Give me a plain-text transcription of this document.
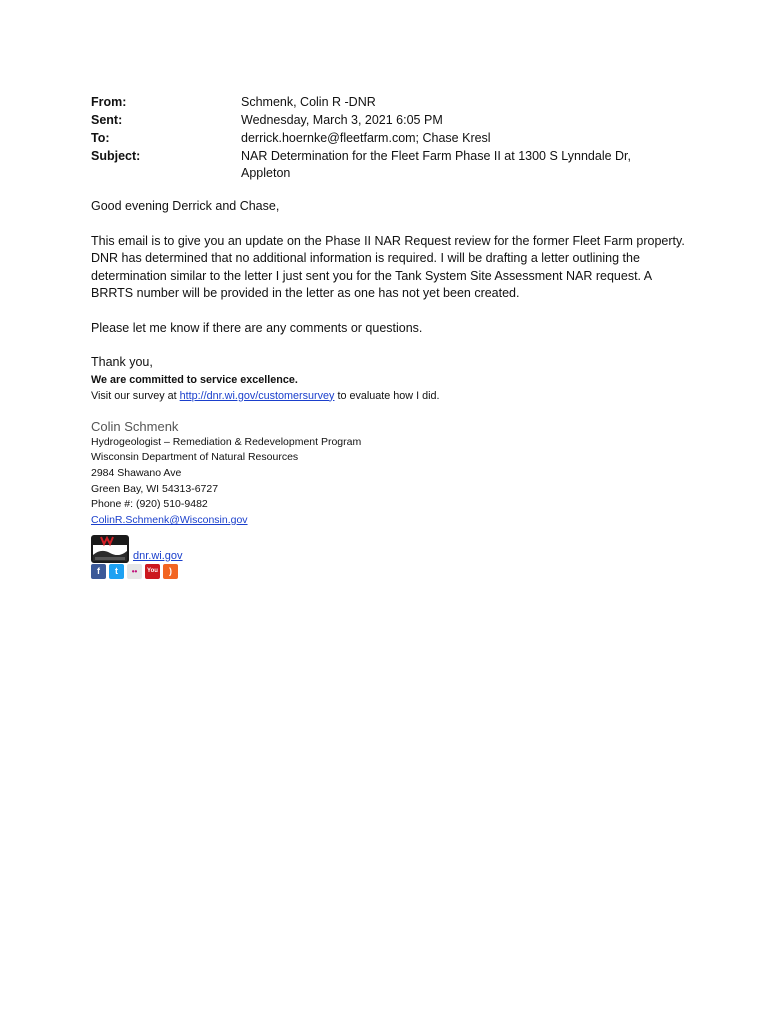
From:	Schmenk, Colin R -DNR
Sent:	Wednesday, March 3, 2021 6:05 PM
To:	derrick.hoernke@fleetfarm.com; Chase Kresl
Subject:	NAR Determination for the Fleet Farm Phase II at 1300 S Lynndale Dr, Appleton

Good evening Derrick and Chase,

This email is to give you an update on the Phase II NAR Request review for the former Fleet Farm property. DNR has determined that no additional information is required. I will be drafting a letter outlining the determination similar to the letter I just sent you for the Tank System Site Assessment NAR request. A BRRTS number will be provided in the letter as one has not yet been created.

Please let me know if there are any comments or questions.

Thank you,

We are committed to service excellence.

Visit our survey at http://dnr.wi.gov/customersurvey to evaluate how I did.

Colin Schmenk

Hydrogeologist – Remediation & Redevelopment Program

Wisconsin Department of Natural Resources

2984 Shawano Ave

Green Bay, WI 54313-6727

Phone #: (920) 510-9482

ColinR.Schmenk@Wisconsin.gov

dnr.wi.gov
f t •• You )
